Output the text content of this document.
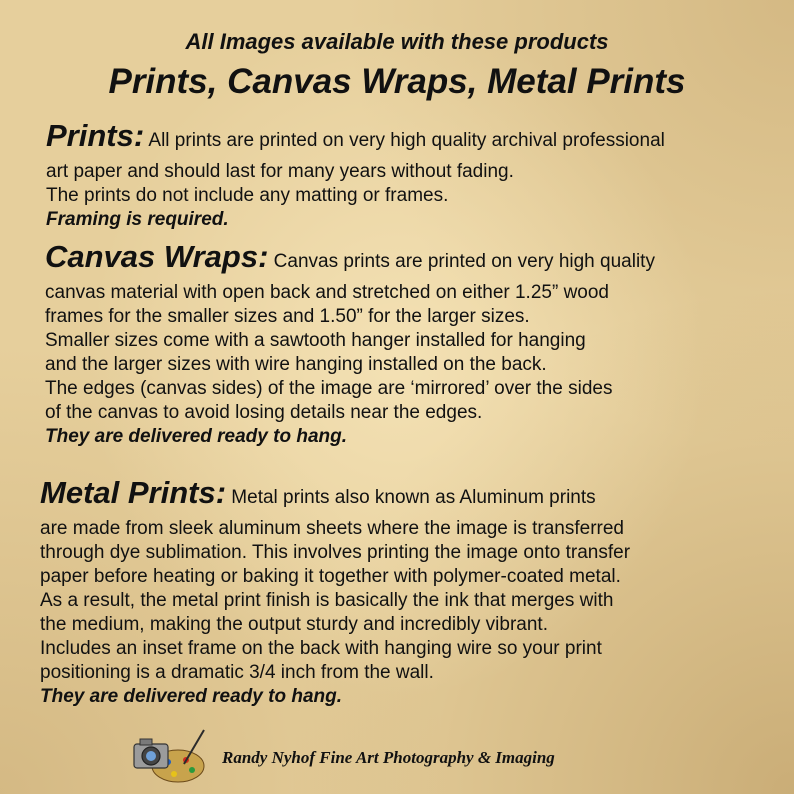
All Images available with these products
Prints, Canvas Wraps, Metal Prints
Prints: All prints are printed on very high quality archival professional
art paper and should last for many years without fading.
The prints do not include any matting or frames.
Framing is required.
Canvas Wraps: Canvas prints are printed on very high quality
canvas material with open back and stretched on either 1.25” wood
frames for the smaller sizes and 1.50” for the larger sizes.
Smaller sizes come with a sawtooth hanger installed for hanging
and the larger sizes with wire hanging installed on the back.
The edges (canvas sides) of the image are ‘mirrored’ over the sides
of the canvas to avoid losing details near the edges.
They are delivered ready to hang.
Metal Prints: Metal prints also known as Aluminum prints
are made from sleek aluminum sheets where the image is transferred
through dye sublimation. This involves printing the image onto transfer
paper before heating or baking it together with polymer-coated metal.
As a result, the metal print finish is basically the ink that merges with
the medium, making the output sturdy and incredibly vibrant.
Includes an inset frame on the back with hanging wire so your print
positioning is a dramatic 3/4 inch from the wall.
They are delivered ready to hang.
Randy Nyhof Fine Art Photography & Imaging
